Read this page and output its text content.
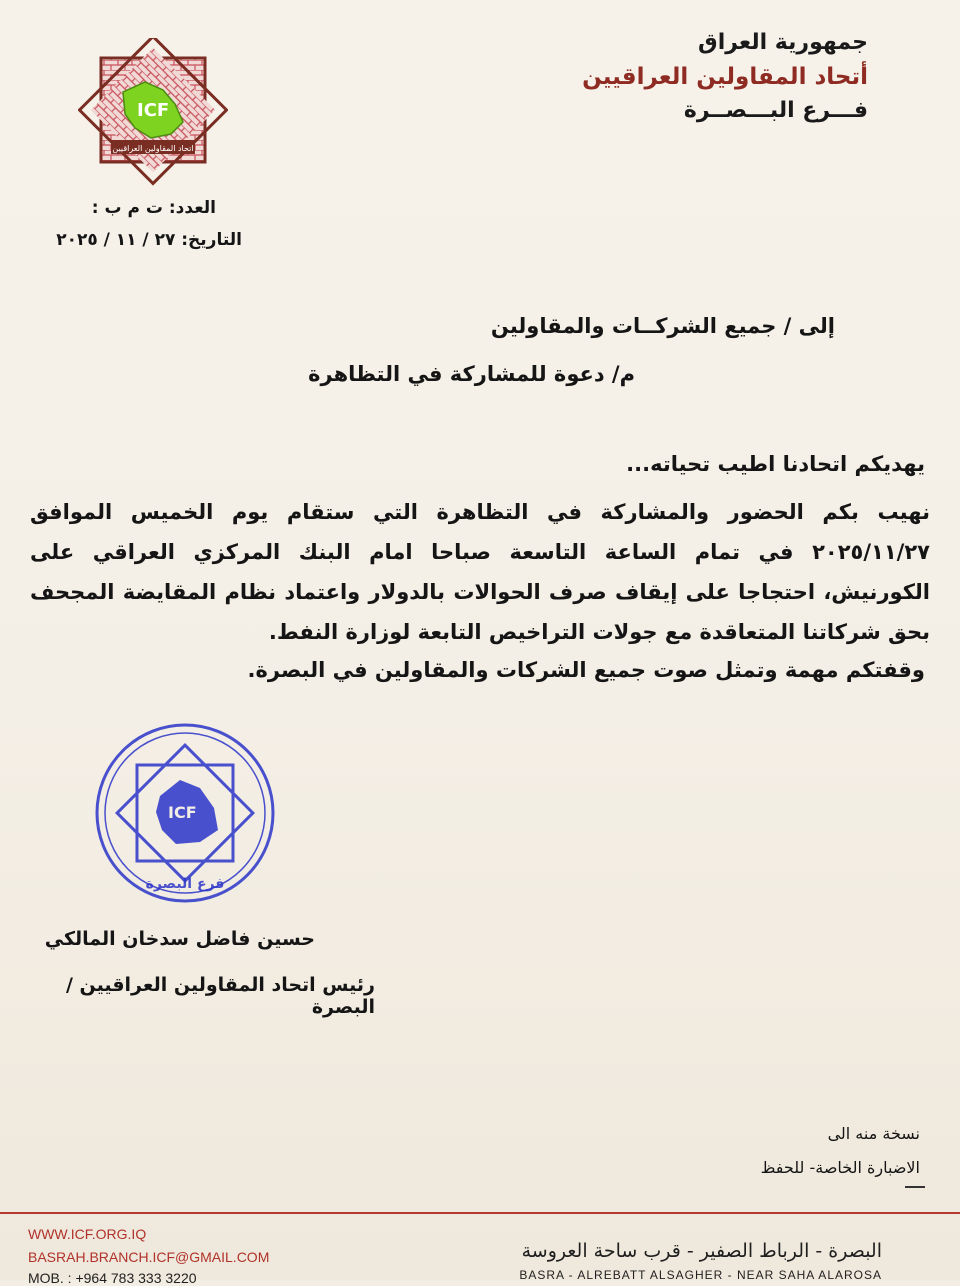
ICF
اتحاد المقاولين العراقيين
جمهورية العراق
أتحاد المقاولين العراقيين
فـــرع البـــصــرة
العدد: ت م ب :
التاريخ: ٢٧ / ١١ / ٢٠٢٥
إلى / جميع الشركــات والمقاولين
م/ دعوة للمشاركة في التظاهرة
يهديكم اتحادنا اطيب تحياته...
نهيب بكم الحضور والمشاركة في التظاهرة التي ستقام يوم الخميس الموافق ٢٠٢٥/١١/٢٧ في تمام الساعة التاسعة صباحا امام البنك المركزي العراقي على الكورنيش، احتجاجا على إيقاف صرف الحوالات بالدولار واعتماد نظام المقايضة المجحف بحق شركاتنا المتعاقدة مع جولات التراخيص التابعة لوزارة النفط.
وقفتكم مهمة وتمثل صوت جميع الشركات والمقاولين في البصرة.
ICF
فرع البصرة
حسين فاضل سدخان المالكي
رئيس اتحاد المقاولين العراقيين / البصرة
نسخة منه الى
الاضبارة الخاصة- للحفظ
WWW.ICF.ORG.IQ
BASRAH.BRANCH.ICF@GMAIL.COM
MOB. : +964 783 333 3220
البصرة - الرباط الصفير - قرب ساحة العروسة
BASRA - ALREBATT ALSAGHER - NEAR SAHA ALAROSA
